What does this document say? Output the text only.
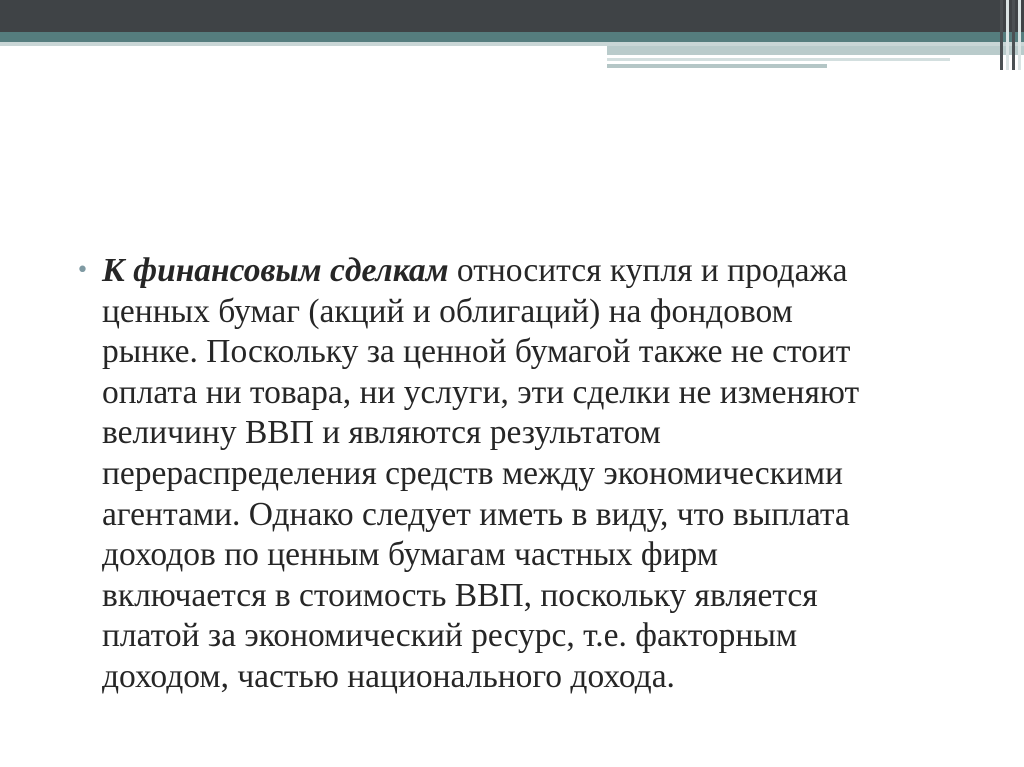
• К финансовым сделкам относится купля и продажа
ценных бумаг (акций и облигаций) на фондовом
рынке. Поскольку за ценной бумагой также не стоит
оплата ни товара, ни услуги, эти сделки не изменяют
величину ВВП и являются результатом
перераспределения средств между экономическими
агентами. Однако следует иметь в виду, что выплата
доходов по ценным бумагам частных фирм
включается в стоимость ВВП, поскольку является
платой за экономический ресурс, т.е. факторным
доходом, частью национального дохода.
